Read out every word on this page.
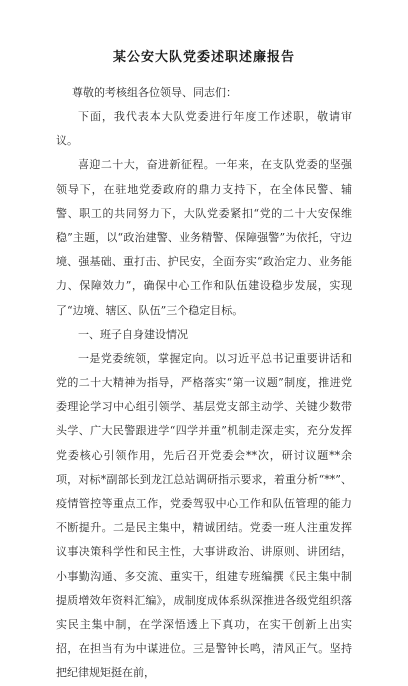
某公安大队党委述职述廉报告

尊敬的考核组各位领导、同志们：

下面，我代表本大队党委进行年度工作述职，敬请审议。

喜迎二十大，奋进新征程。一年来，在支队党委的坚强领导下，在驻地党委政府的鼎力支持下，在全体民警、辅警、职工的共同努力下，大队党委紧扣“党的二十大安保维稳”主题，以“政治建警、业务精警、保障强警”为依托，守边境、强基础、重打击、护民安，全面夯实“政治定力、业务能力、保障效力”，确保中心工作和队伍建设稳步发展，实现了“边境、辖区、队伍”三个稳定目标。

一、班子自身建设情况

一是党委统领，掌握定向。以习近平总书记重要讲话和党的二十大精神为指导，严格落实“第一议题”制度，推进党委理论学习中心组引领学、基层党支部主动学、关键少数带头学、广大民警跟进学“四学并重”机制走深走实，充分发挥党委核心引领作用，先后召开党委会**次，研讨议题**余项，对标*副部长到龙江总站调研指示要求，着重分析“**”、疫情管控等重点工作，党委驾驭中心工作和队伍管理的能力不断提升。二是民主集中，精诚团结。党委一班人注重发挥议事决策科学性和民主性，大事讲政治、讲原则、讲团结，小事勤沟通、多交流、重实干，组建专班编撰《民主集中制提质增效年资料汇编》，成制度成体系纵深推进各级党组织落实民主集中制，在学深悟透上下真功，在实干创新上出实招，在担当有为中谋进位。三是警钟长鸣，清风正气。坚持把纪律规矩挺在前，
